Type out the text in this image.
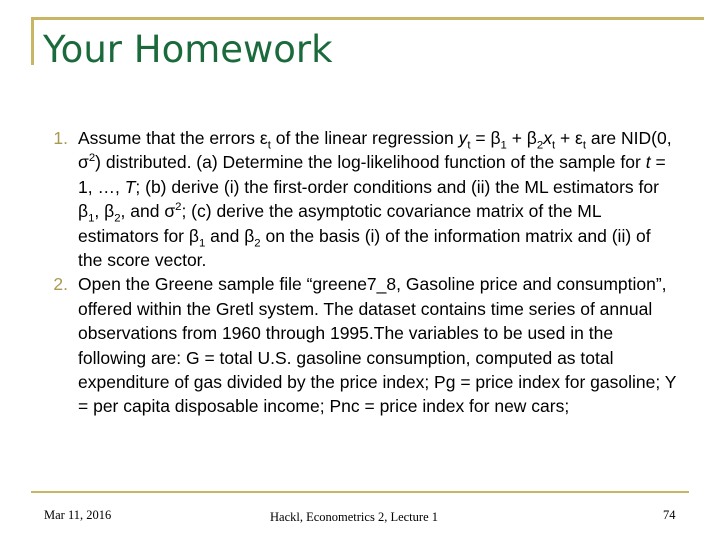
Your Homework
1. Assume that the errors $\varepsilon_t$ of the linear regression $y_t = \beta_1 + \beta_2x_t + \varepsilon_t$ are NID(0, $\sigma^2$) distributed. (a) Determine the log-likelihood function of the sample for t = 1, …, T; (b) derive (i) the first-order conditions and (ii) the ML estimators for $\beta_1$, $\beta_2$, and $\sigma^2$; (c) derive the asymptotic covariance matrix of the ML estimators for $\beta_1$ and $\beta_2$ on the basis (i) of the information matrix and (ii) of the score vector.
2. Open the Greene sample file “greene7_8, Gasoline price and consumption”, offered within the Gretl system. The dataset contains time series of annual observations from 1960 through 1995.The variables to be used in the following are: G = total U.S. gasoline consumption, computed as total expenditure of gas divided by the price index; Pg = price index for gasoline; Y = per capita disposable income; Pnc = price index for new cars;
Mar 11, 2016	Hackl, Econometrics 2, Lecture 1	74
